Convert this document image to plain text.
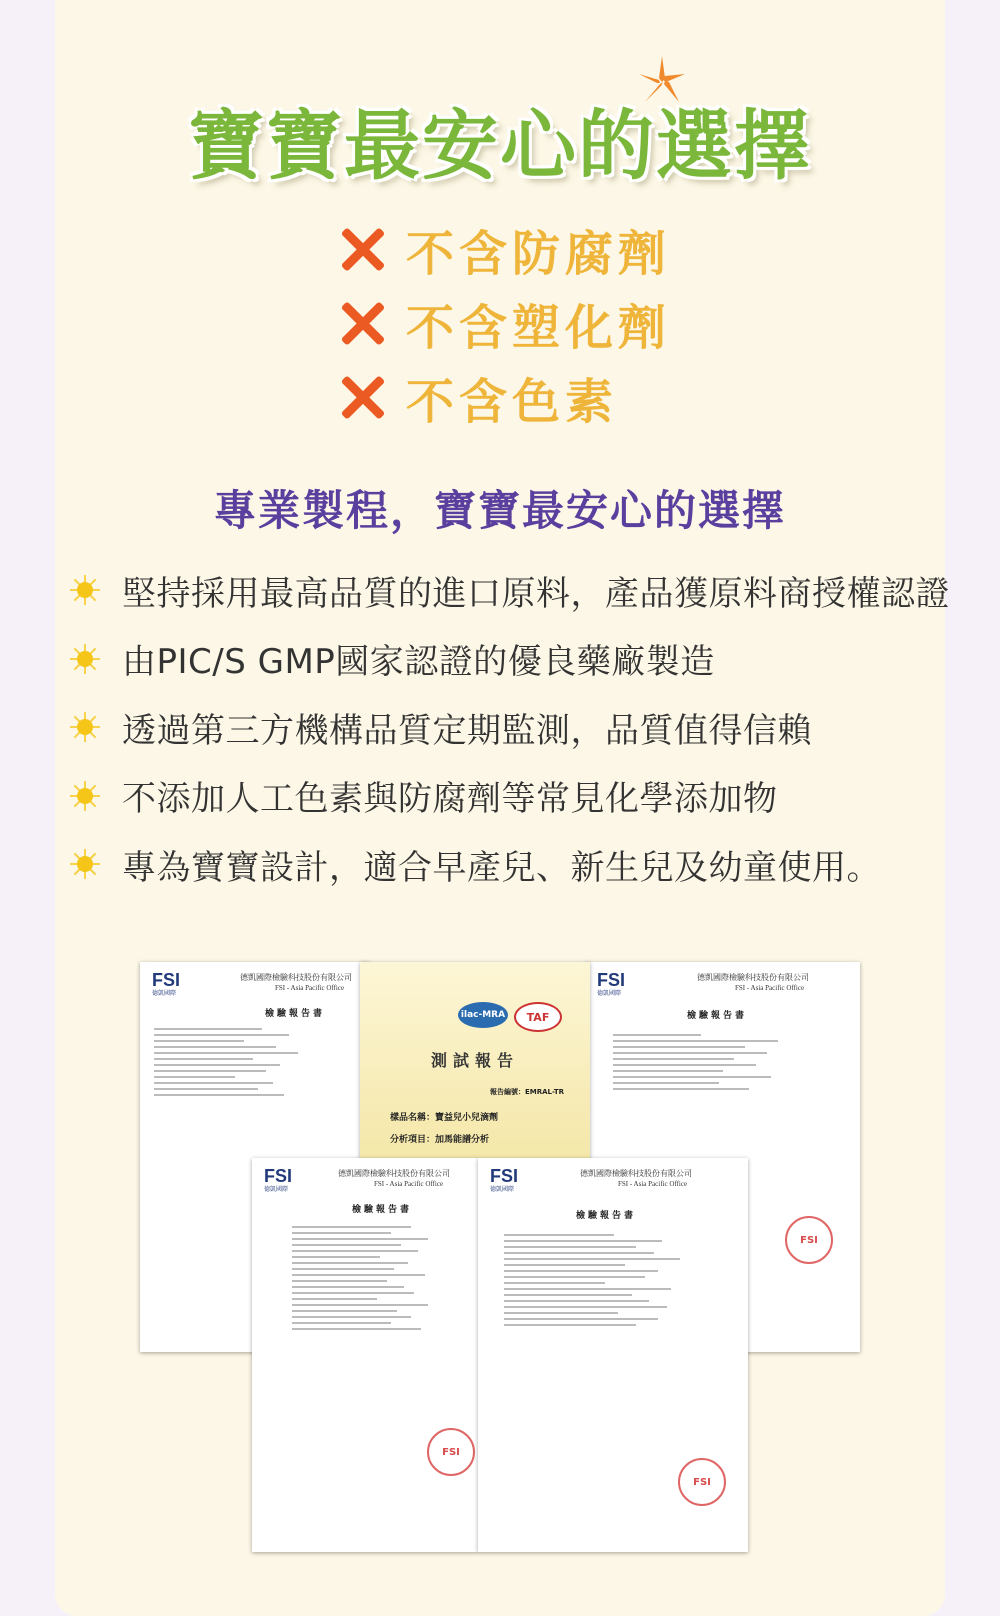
寶寶最安心的選擇
不含防腐劑
不含塑化劑
不含色素
專業製程，寶寶最安心的選擇
堅持採用最高品質的進口原料，產品獲原料商授權認證
由PIC/S GMP國家認證的優良藥廠製造
透過第三方機構品質定期監測，品質值得信賴
不添加人工色素與防腐劑等常見化學添加物
專為寶寶設計，適合早產兒、新生兒及幼童使用。
FSI
德凱國際
德凱國際檢驗科技股份有限公司
FSI - Asia Pacific Office
檢驗報告書
FSI
德凱國際
德凱國際檢驗科技股份有限公司
FSI - Asia Pacific Office
檢驗報告書
FSI
ilac-MRA	TAF
測試報告
樣品名稱：寶益兒小兒滴劑
分析項目：加馬能譜分析
報告編號：EMRAL-TR
FSI
德凱國際
德凱國際檢驗科技股份有限公司
FSI - Asia Pacific Office
檢驗報告書
FSI
FSI
德凱國際
德凱國際檢驗科技股份有限公司
FSI - Asia Pacific Office
檢驗報告書
FSI
